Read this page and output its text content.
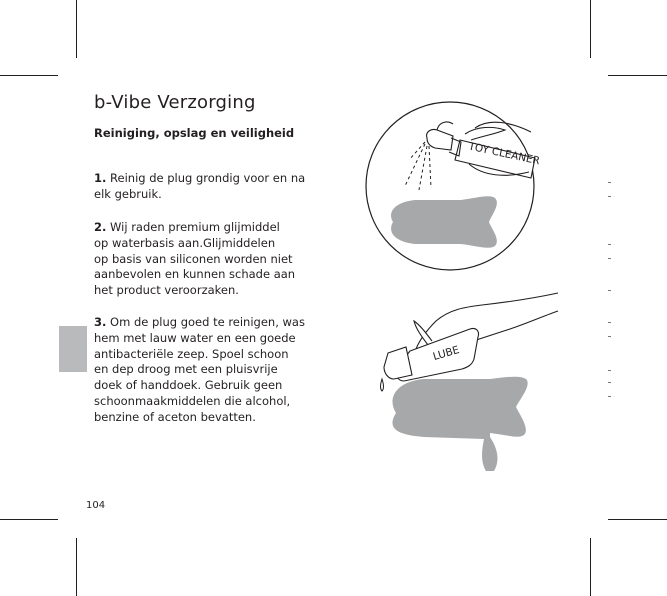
b-Vibe Verzorging
Reiniging, opslag en veiligheid

1. Reinig de plug grondig voor en na
elk gebruik.

2. Wij raden premium glijmiddel
op waterbasis aan.Glijmiddelen
op basis van siliconen worden niet
aanbevolen en kunnen schade aan
het product veroorzaken.

3. Om de plug goed te reinigen, was
hem met lauw water en een goede
antibacteriële zeep. Spoel schoon
en dep droog met een pluisvrije
doek of handdoek. Gebruik geen
schoonmaakmiddelen die alcohol,
benzine of aceton bevatten.

104
TOY CLEANER
LUBE
